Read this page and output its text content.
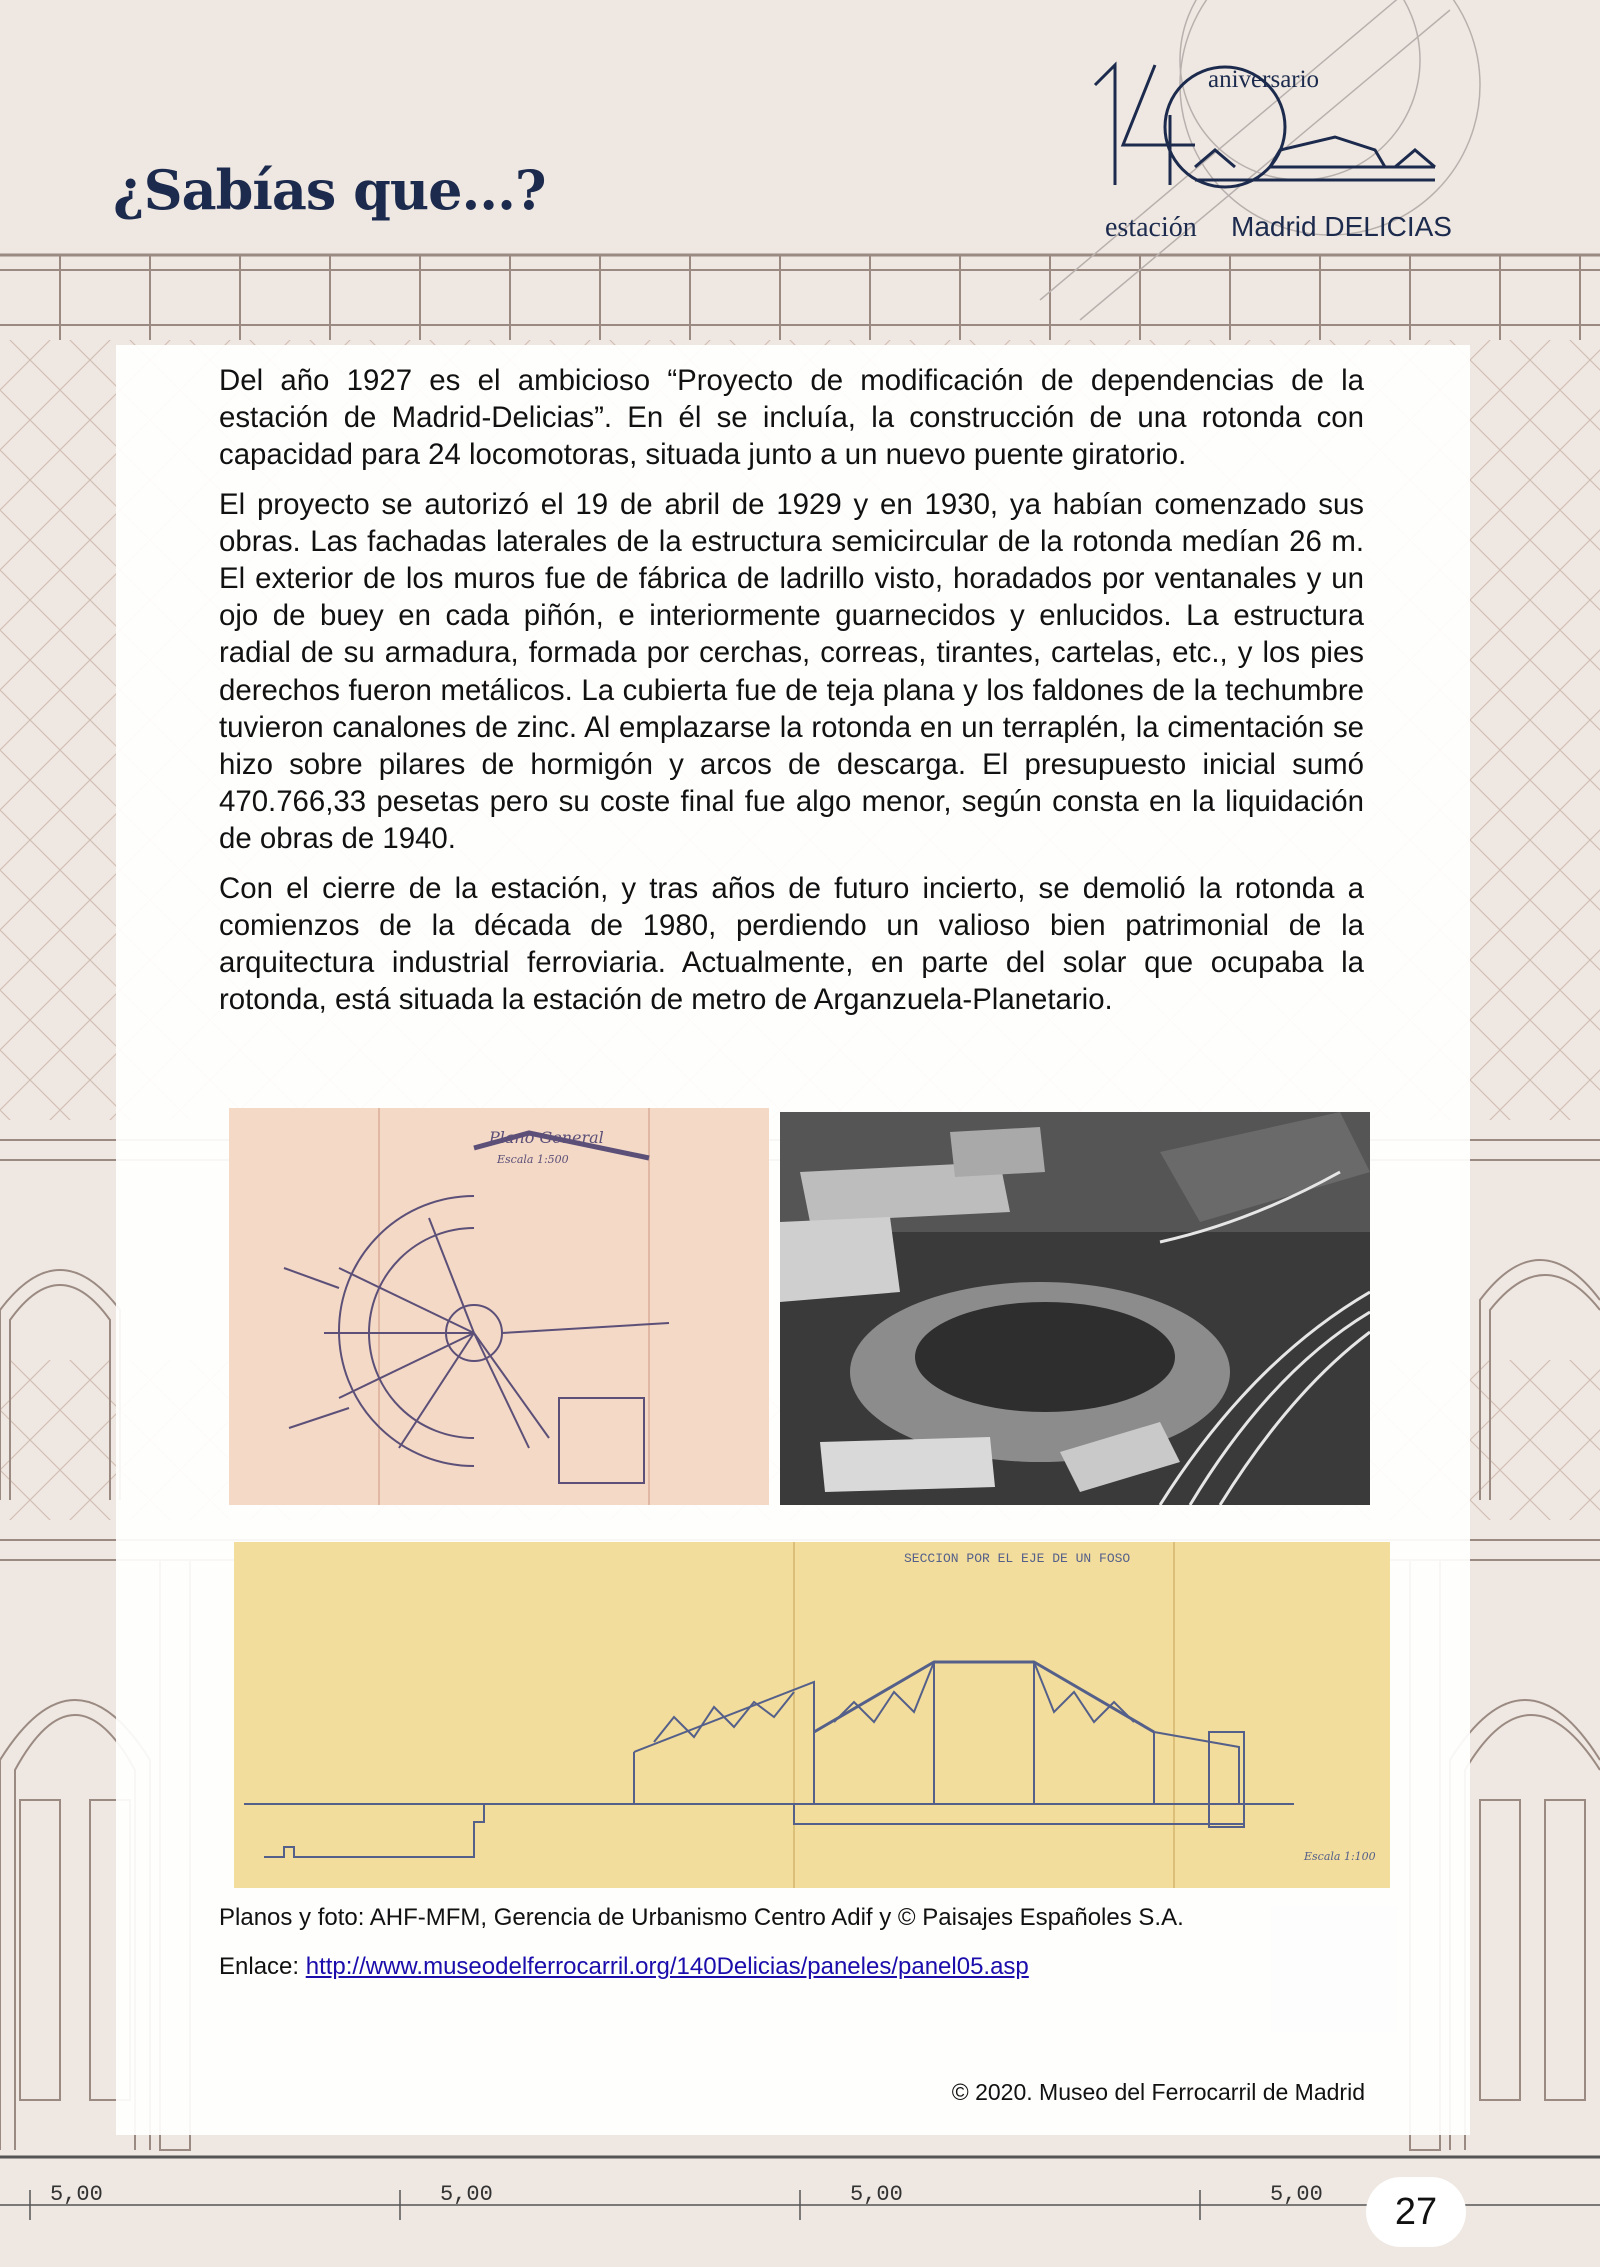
5,00	5,00	5,00	5,00
¿Sabías que...?
aniversario
estación Madrid DELICIAS

Del año 1927 es el ambicioso “Proyecto de modificación de dependencias de la estación de Madrid-Delicias”. En él se incluía, la construcción de una rotonda con capacidad para 24 locomotoras, situada junto a un nuevo puente giratorio.

El proyecto se autorizó el 19 de abril de 1929 y en 1930, ya habían comenzado sus obras. Las fachadas laterales de la estructura semicircular de la rotonda medían 26 m. El exterior de los muros fue de fábrica de ladrillo visto, horadados por ventanales y un ojo de buey en cada piñón, e interiormente guarnecidos y enlucidos. La estructura radial de su armadura, formada por cerchas, correas, tirantes, cartelas, etc., y los pies derechos fueron metálicos. La cubierta fue de teja plana y los faldones de la techumbre tuvieron canalones de zinc. Al emplazarse la rotonda en un terraplén, la cimentación se hizo sobre pilares de hormigón y arcos de descarga. El presupuesto inicial sumó 470.766,33 pesetas pero su coste final fue algo menor, según consta en la liquidación de obras de 1940.

Con el cierre de la estación, y tras años de futuro incierto, se demolió la rotonda a comienzos de la década de 1980, perdiendo un valioso bien patrimonial de la arquitectura industrial ferroviaria. Actualmente, en parte del solar que ocupaba la rotonda, está situada la estación de metro de Arganzuela-Planetario.

Plano General
Escala 1:500
SECCION POR EL EJE DE UN FOSO
Escala 1:100
Planos y foto: AHF-MFM, Gerencia de Urbanismo Centro Adif y © Paisajes Españoles S.A.
Enlace: http://www.museodelferrocarril.org/140Delicias/paneles/panel05.asp
© 2020. Museo del Ferrocarril de Madrid
27
